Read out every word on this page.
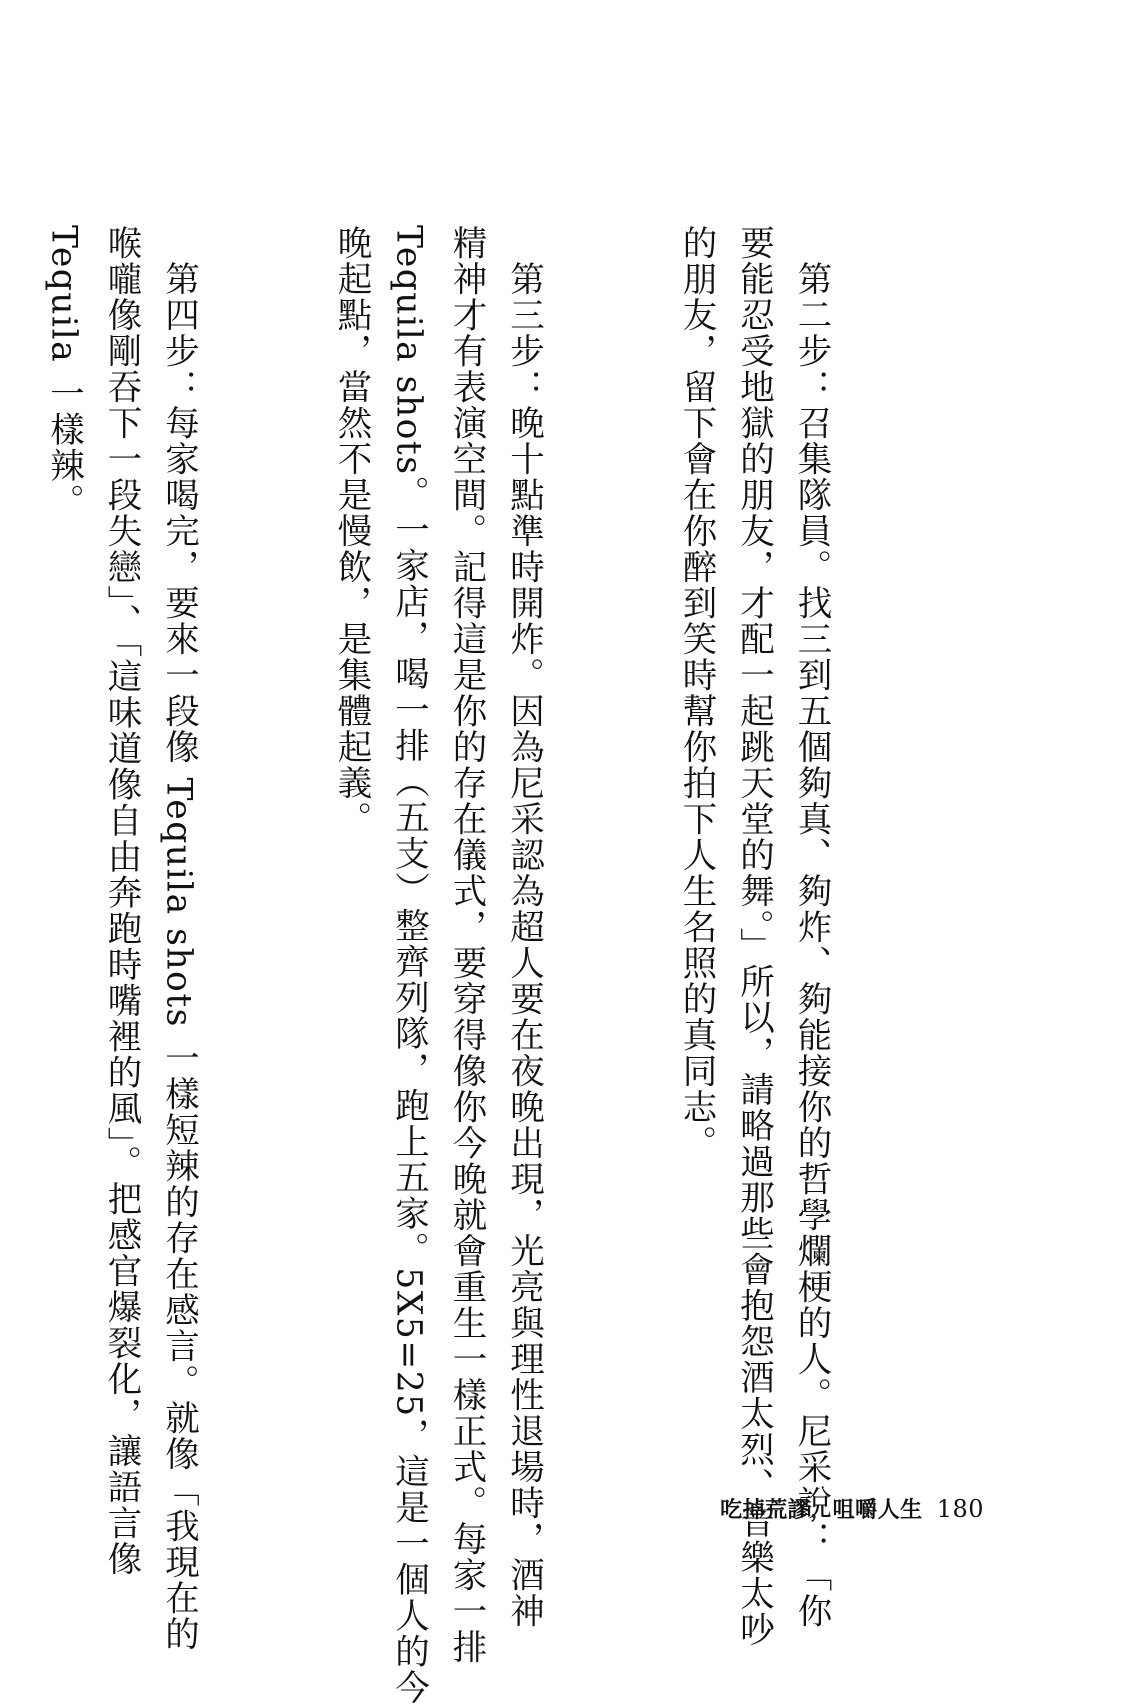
　第二步：召集隊員。找三到五個夠真、夠炸、夠能接你的哲學爛梗的人。尼采說：「你
要能忍受地獄的朋友，才配一起跳天堂的舞。」所以，請略過那些會抱怨酒太烈、音樂太吵
的朋友，留下會在你醉到笑時幫你拍下人生名照的真同志。

　第三步：晚十點準時開炸。因為尼采認為超人要在夜晚出現，光亮與理性退場時，酒神
精神才有表演空間。記得這是你的存在儀式，要穿得像你今晚就會重生一樣正式。每家一排
Tequila shots。一家店，喝一排（五支）整齊列隊，跑上五家。5X5=25，這是一個人的今
晚起點，當然不是慢飲，是集體起義。

　第四步：每家喝完，要來一段像 Tequila shots 一樣短辣的存在感言。就像「我現在的
喉嚨像剛吞下一段失戀」、「這味道像自由奔跑時嘴裡的風」。把感官爆裂化，讓語言像
Tequila 一樣辣。

吃掉荒謬，咀嚼人生 180
